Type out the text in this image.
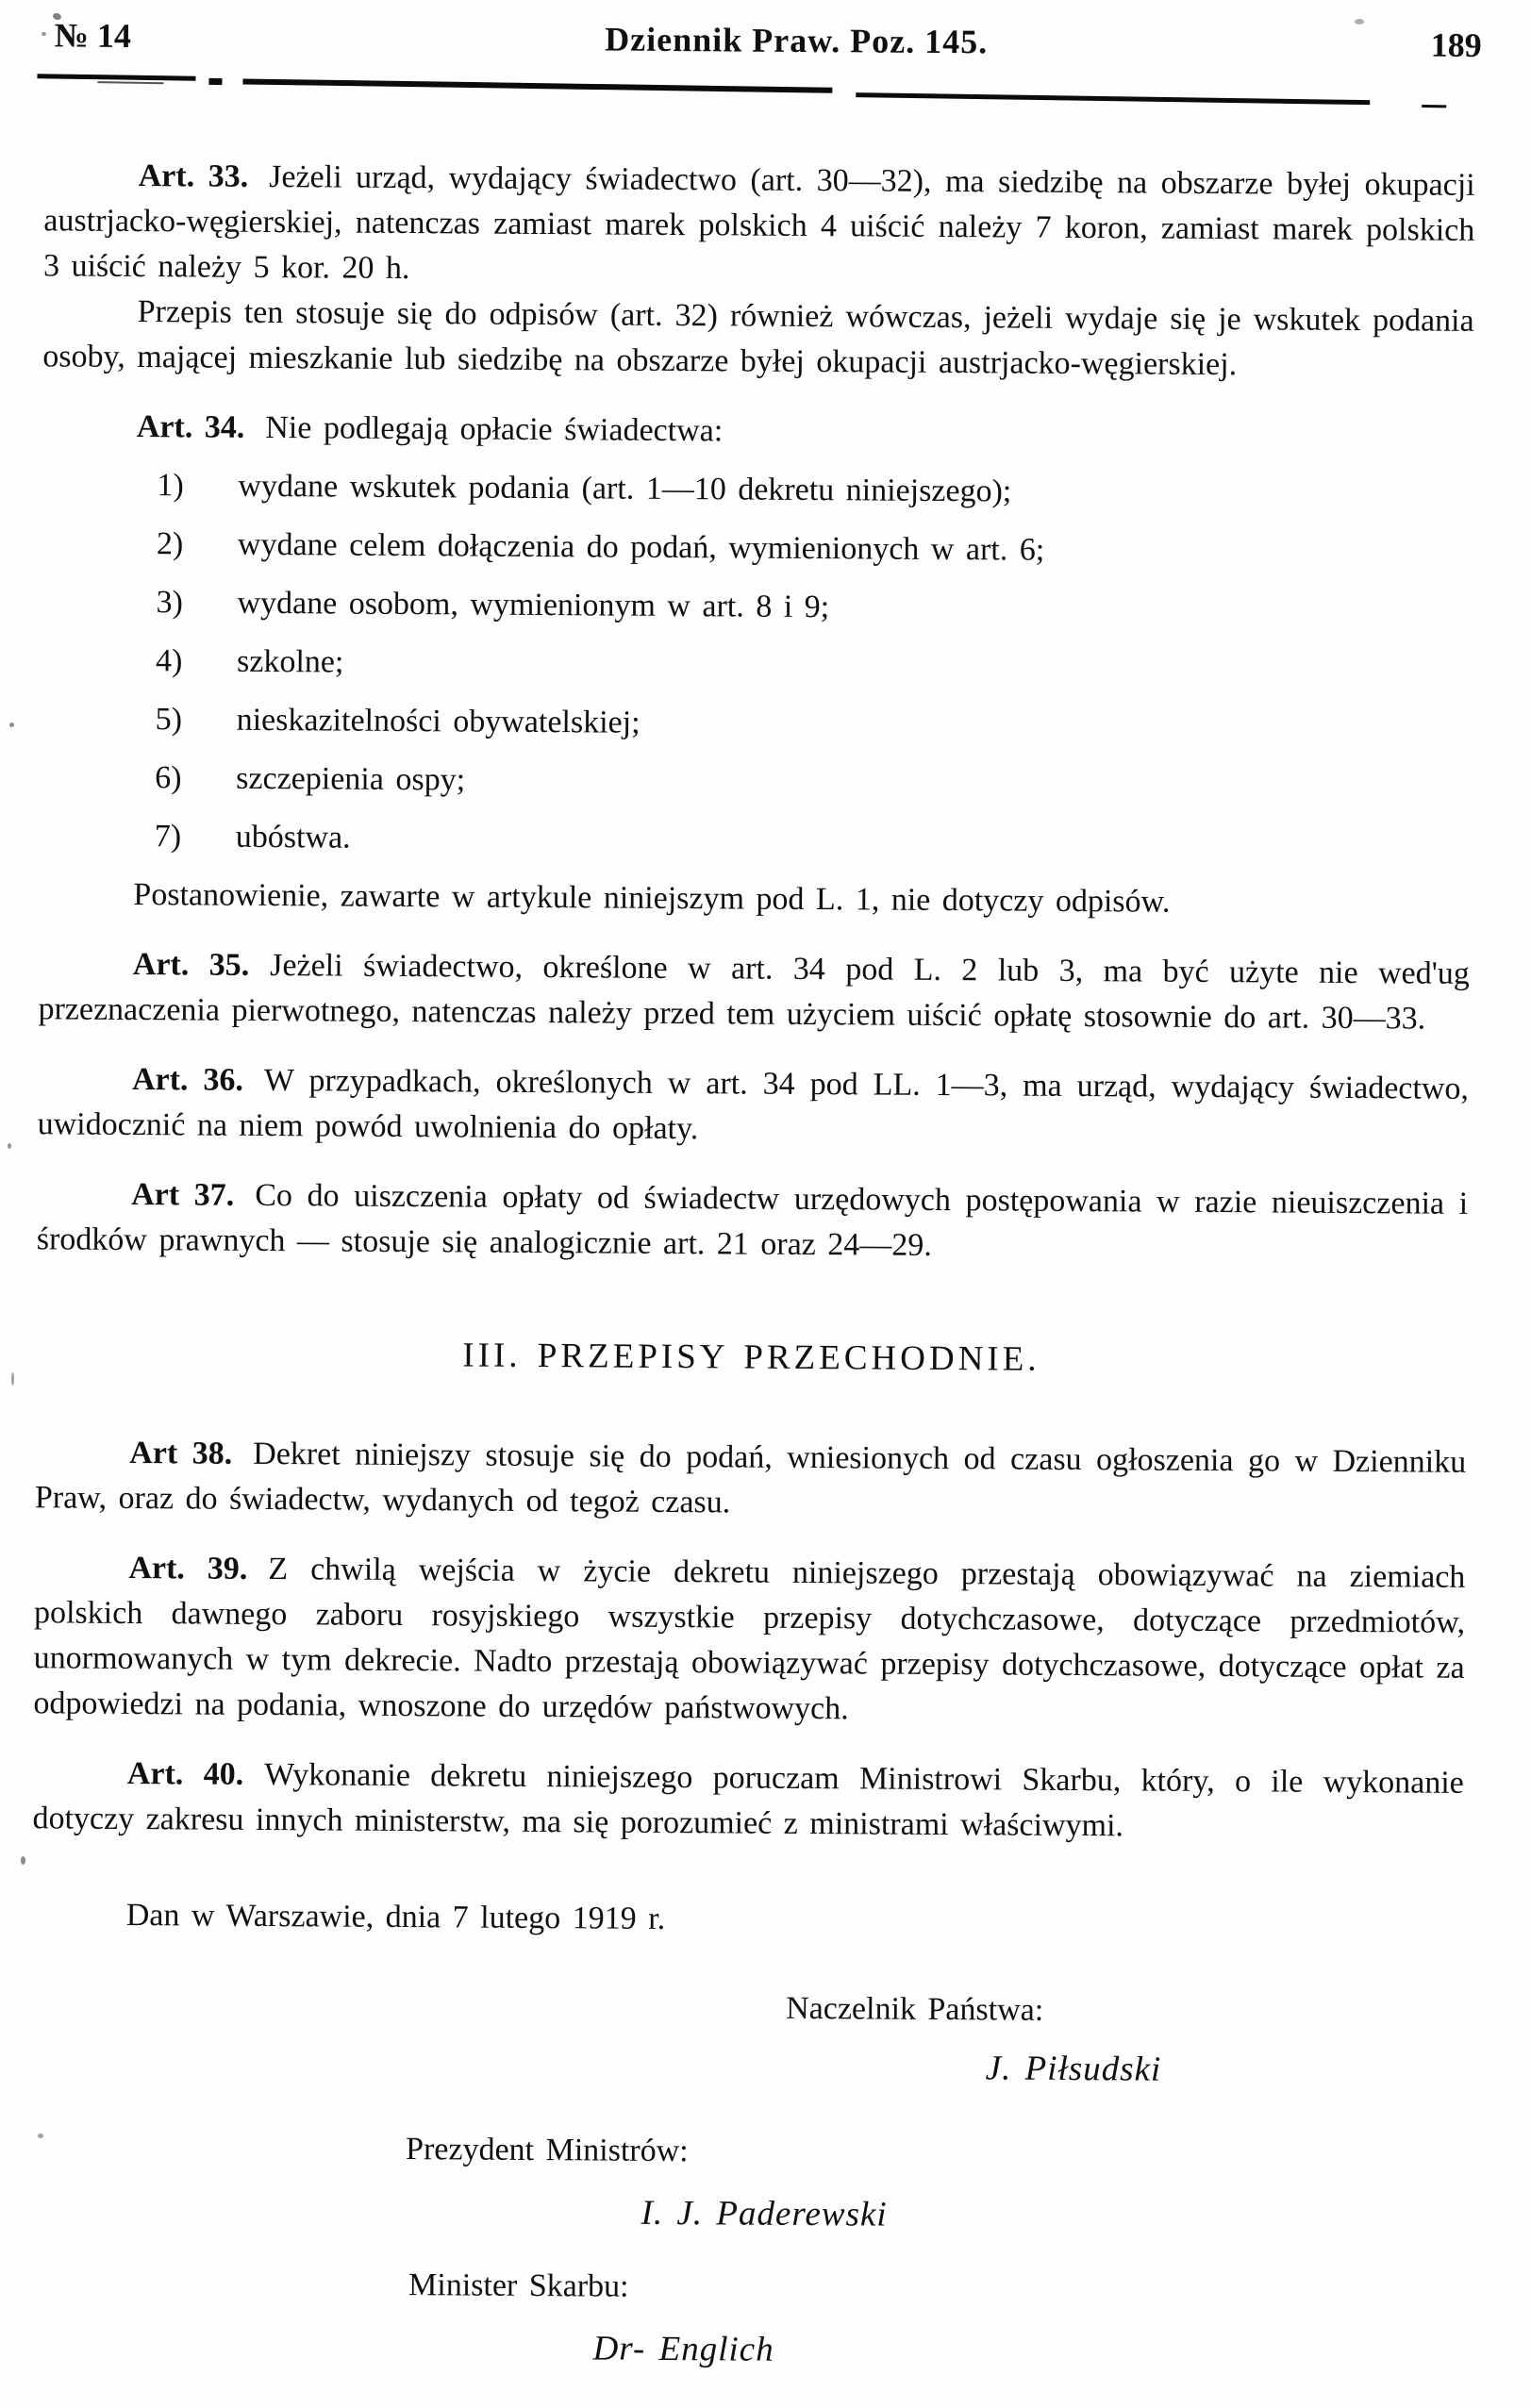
№ 14	Dziennik Praw. Poz. 145.	189

Art. 33. Jeżeli urząd, wydający świadectwo (art. 30—32), ma siedzibę na obszarze byłej okupacji austrjacko-węgierskiej, natenczas zamiast marek polskich 4 uiścić należy 7 koron, zamiast marek polskich 3 uiścić należy 5 kor. 20 h.

Przepis ten stosuje się do odpisów (art. 32) również wówczas, jeżeli wydaje się je wskutek podania osoby, mającej mieszkanie lub siedzibę na obszarze byłej okupacji austrjacko-węgierskiej.

Art. 34. Nie podlegają opłacie świadectwa:

1)	wydane wskutek podania (art. 1—10 dekretu niniejszego);
2)	wydane celem dołączenia do podań, wymienionych w art. 6;
3)	wydane osobom, wymienionym w art. 8 i 9;
4)	szkolne;
5)	nieskazitelności obywatelskiej;
6)	szczepienia ospy;
7)	ubóstwa.

Postanowienie, zawarte w artykule niniejszym pod L. 1, nie dotyczy odpisów.

Art. 35. Jeżeli świadectwo, określone w art. 34 pod L. 2 lub 3, ma być użyte nie wed'ug przeznaczenia pierwotnego, natenczas należy przed tem użyciem uiścić opłatę stosownie do art. 30—33.

Art. 36. W przypadkach, określonych w art. 34 pod LL. 1—3, ma urząd, wydający świadectwo, uwidocznić na niem powód uwolnienia do opłaty.

Art 37. Co do uiszczenia opłaty od świadectw urzędowych postępowania w razie nieuiszczenia i środków prawnych — stosuje się analogicznie art. 21 oraz 24—29.

III. PRZEPISY PRZECHODNIE.

Art 38. Dekret niniejszy stosuje się do podań, wniesionych od czasu ogłoszenia go w Dzienniku Praw, oraz do świadectw, wydanych od tegoż czasu.

Art. 39. Z chwilą wejścia w życie dekretu niniejszego przestają obowiązywać na ziemiach polskich dawnego zaboru rosyjskiego wszystkie przepisy dotychczasowe, dotyczące przedmiotów, unormowanych w tym dekrecie. Nadto przestają obowiązywać przepisy dotychczasowe, dotyczące opłat za odpowiedzi na podania, wnoszone do urzędów państwowych.

Art. 40. Wykonanie dekretu niniejszego poruczam Ministrowi Skarbu, który, o ile wykonanie dotyczy zakresu innych ministerstw, ma się porozumieć z ministrami właściwymi.

Dan w Warszawie, dnia 7 lutego 1919 r.

Naczelnik Państwa:

J. Piłsudski

Prezydent Ministrów:

I. J. Paderewski

Minister Skarbu:

Dr- Englich
